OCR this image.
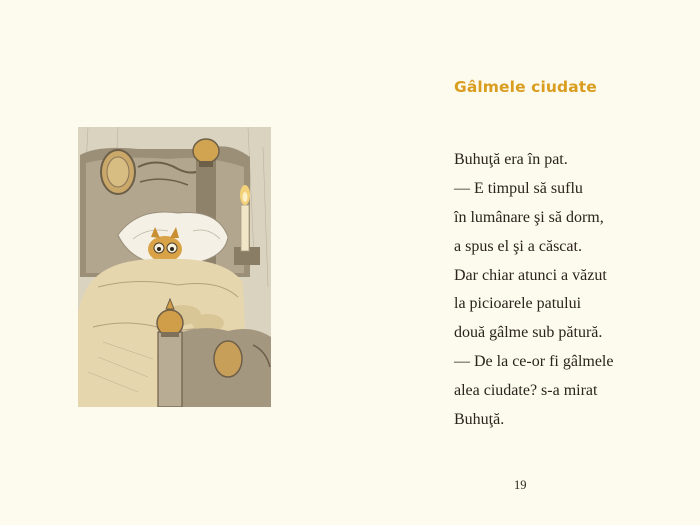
Gâlmele ciudate
Buhuţă era în pat.
— E timpul să suflu
în lumânare şi să dorm,
a spus el şi a căscat.
Dar chiar atunci a văzut
la picioarele patului
două gâlme sub pătură.
— De la ce-or fi gâlmele
alea ciudate? s-a mirat
Buhuţă.
19
